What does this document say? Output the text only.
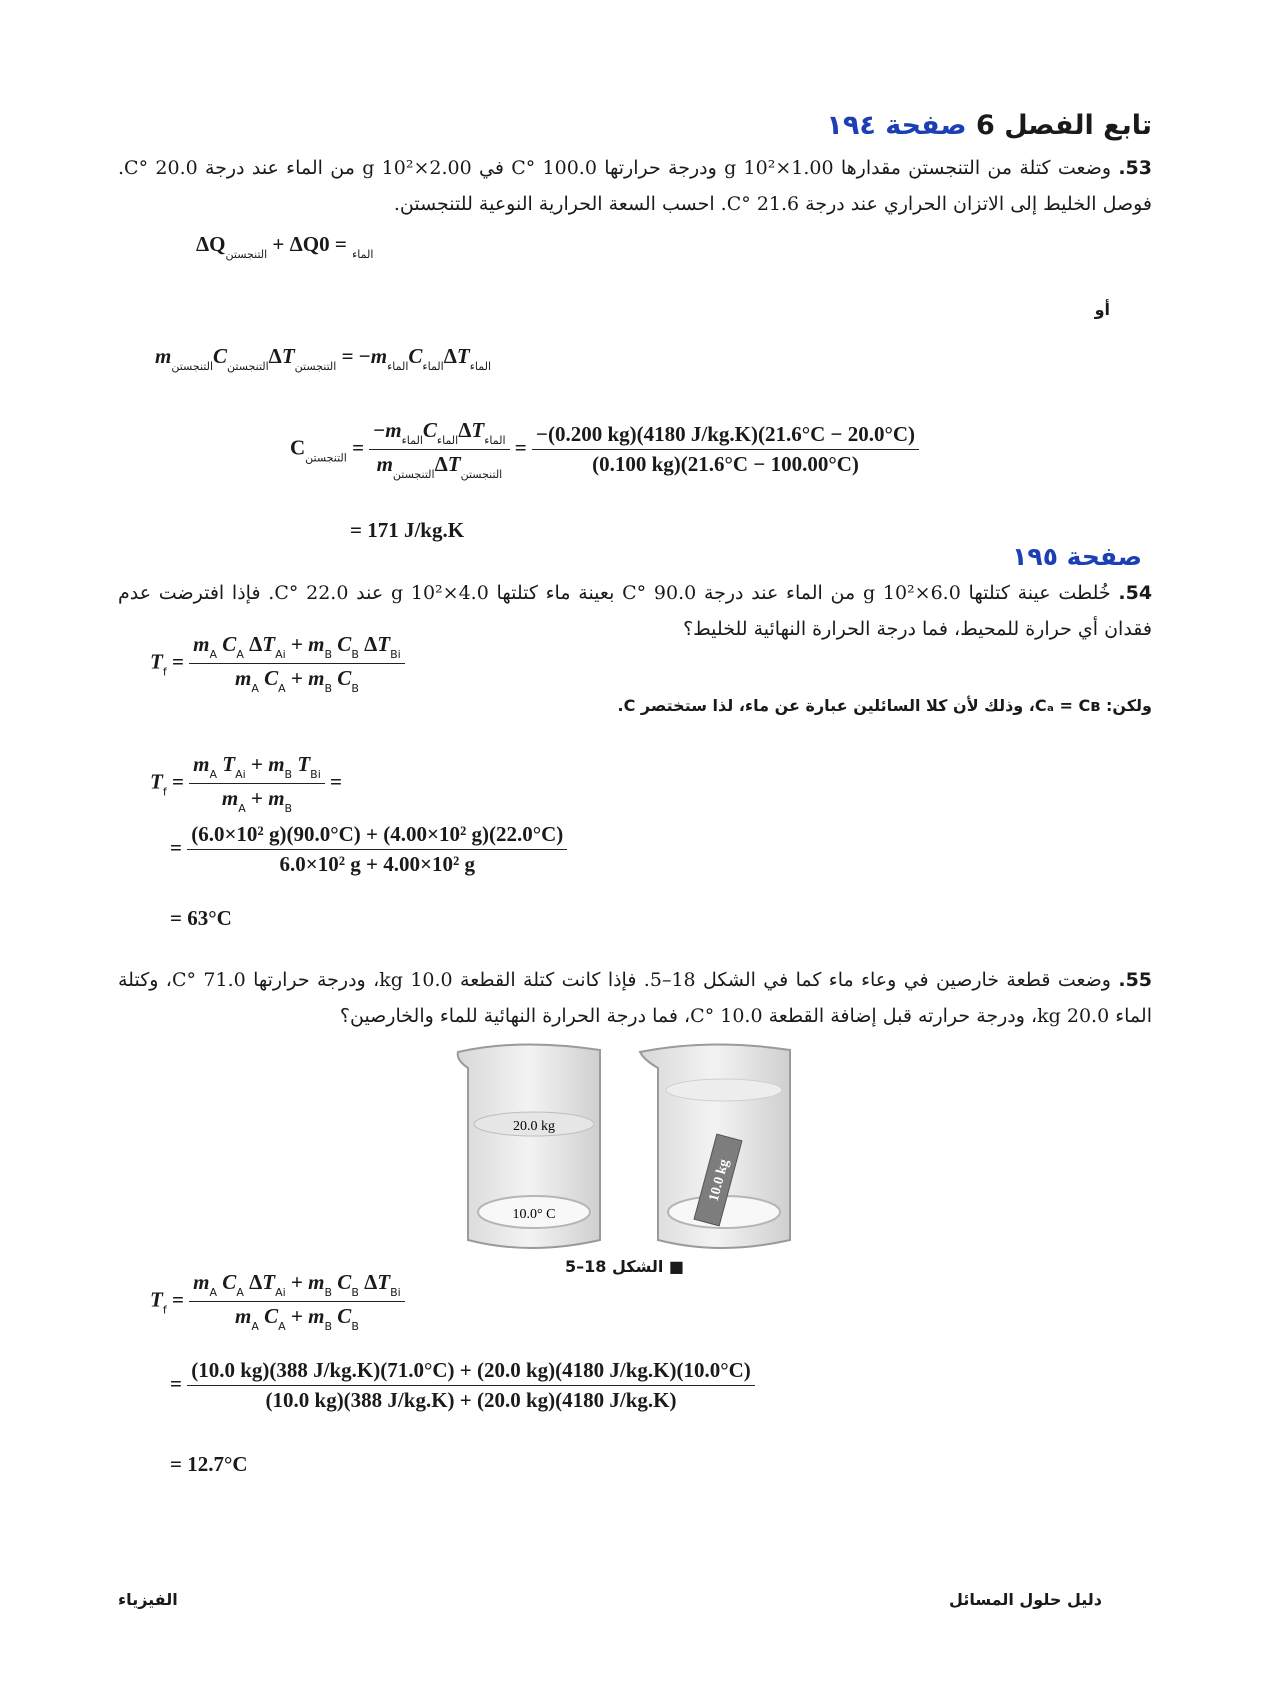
تابع الفصل 6 صفحة ١٩٤
53. وضعت كتلة من التنجستن مقدارها 1.00×10² g ودرجة حرارتها 100.0 °C في 2.00×10² g من الماء عند درجة 20.0 °C. فوصل الخليط إلى الاتزان الحراري عند درجة 21.6 °C. احسب السعة الحرارية النوعية للتنجستن.
$\Delta Q_{التنجستن} + \Delta Q$	$_{الماء}$ = 0
أو
$m_{التنجستن}C_{التنجستن}\Delta T_{التنجستن} = -m_{الماء}C_{الماء}\Delta T_{الماء}$
$C_{التنجستن} = \frac{-m_{الماء}C_{الماء}\Delta T_{الماء}}{m_{التنجستن}\Delta T_{التنجستن}} = \frac{-(0.200 kg)(4180 J/kg.K)(21.6^\circ C - 20.0^\circ C)}{(0.100 kg)(21.6^\circ C - 100.00^\circ C)}$
= 171 J/kg.K
صفحة ١٩٥
54. خُلطت عينة كتلتها 6.0×10² g من الماء عند درجة 90.0 °C بعينة ماء كتلتها 4.0×10² g عند 22.0 °C. فإذا افترضت عدم فقدان أي حرارة للمحيط، فما درجة الحرارة النهائية للخليط؟
$T_f = \frac{m_A C_A \Delta T_{Ai} + m_B C_B \Delta T_{Bi}}{m_A C_A + m_B C_B}$
ولكن: Cₐ = Cʙ، وذلك لأن كلا السائلين عبارة عن ماء، لذا ستختصر C.
$T_f = \frac{m_A T_{Ai} + m_B T_{Bi}}{m_A + m_B}$ =
= $\frac{\text{(6.0×10² g)(90.0°C) + (4.00×10² g)(22.0°C)}}{\text{6.0×10² g + 4.00×10² g}}$
= 63°C
55. وضعت قطعة خارصين في وعاء ماء كما في الشكل 18–5. فإذا كانت كتلة القطعة 10.0 kg، ودرجة حرارتها 71.0 °C، وكتلة الماء 20.0 kg، ودرجة حرارته قبل إضافة القطعة 10.0 °C، فما درجة الحرارة النهائية للماء والخارصين؟
20.0 kg
10.0° C
10.0 kg
■ الشكل 18–5
$T_f = \frac{m_A C_A \Delta T_{Ai} + m_B C_B \Delta T_{Bi}}{m_A C_A + m_B C_B}$
=
(10.0 kg)(388 J/kg.K)(71.0°C) + (20.0 kg)(4180 J/kg.K)(10.0°C)
(10.0 kg)(388 J/kg.K) + (20.0 kg)(4180 J/kg.K)
= 12.7°C
الفيزياء	دليل حلول المسائل
